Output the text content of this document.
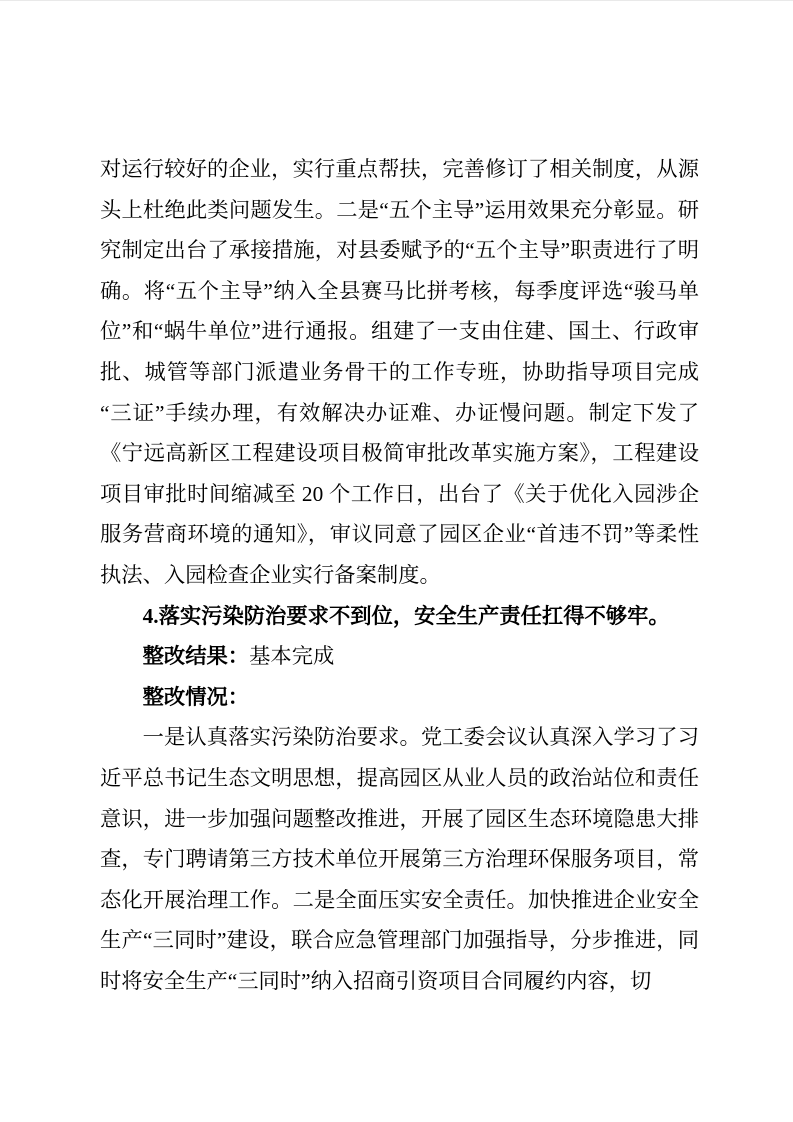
对运行较好的企业，实行重点帮扶，完善修订了相关制度，从源头上杜绝此类问题发生。二是“五个主导”运用效果充分彰显。研究制定出台了承接措施，对县委赋予的“五个主导”职责进行了明确。将“五个主导”纳入全县赛马比拼考核，每季度评选“骏马单位”和“蜗牛单位”进行通报。组建了一支由住建、国土、行政审批、城管等部门派遣业务骨干的工作专班，协助指导项目完成“三证”手续办理，有效解决办证难、办证慢问题。制定下发了《宁远高新区工程建设项目极简审批改革实施方案》，工程建设项目审批时间缩减至 20 个工作日，出台了《关于优化入园涉企服务营商环境的通知》，审议同意了园区企业“首违不罚”等柔性执法、入园检查企业实行备案制度。

4.落实污染防治要求不到位，安全生产责任扛得不够牢。

整改结果：基本完成

整改情况：

一是认真落实污染防治要求。党工委会议认真深入学习了习近平总书记生态文明思想，提高园区从业人员的政治站位和责任意识，进一步加强问题整改推进，开展了园区生态环境隐患大排查，专门聘请第三方技术单位开展第三方治理环保服务项目，常态化开展治理工作。二是全面压实安全责任。加快推进企业安全生产“三同时”建设，联合应急管理部门加强指导，分步推进，同时将安全生产“三同时”纳入招商引资项目合同履约内容，切
